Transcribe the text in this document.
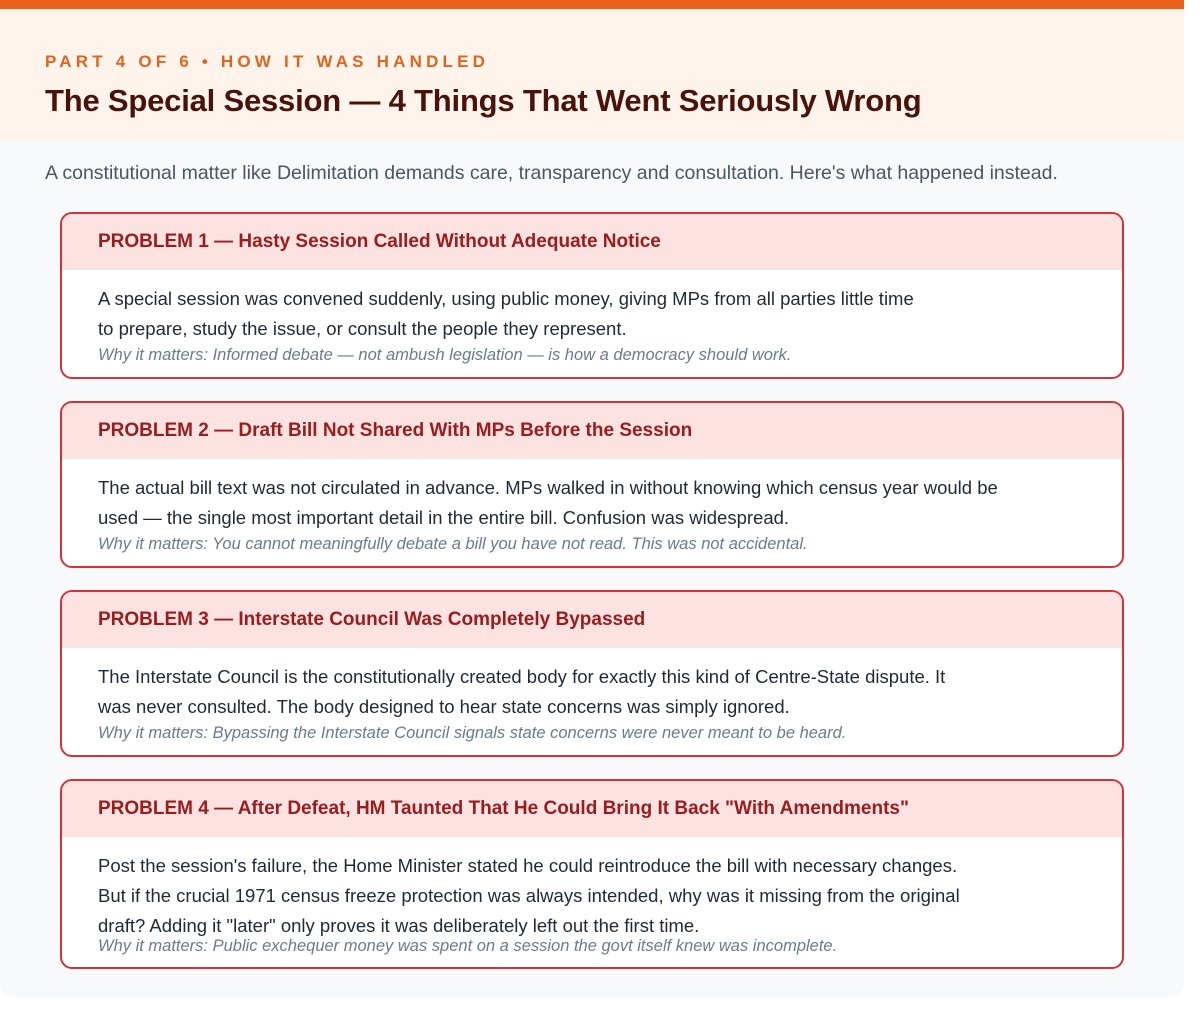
PART 4 OF 6 • HOW IT WAS HANDLED
The Special Session — 4 Things That Went Seriously Wrong
A constitutional matter like Delimitation demands care, transparency and consultation. Here's what happened instead.
PROBLEM 1 — Hasty Session Called Without Adequate Notice
A special session was convened suddenly, using public money, giving MPs from all parties little time to prepare, study the issue, or consult the people they represent.
Why it matters: Informed debate — not ambush legislation — is how a democracy should work.
PROBLEM 2 — Draft Bill Not Shared With MPs Before the Session
The actual bill text was not circulated in advance. MPs walked in without knowing which census year would be used — the single most important detail in the entire bill. Confusion was widespread.
Why it matters: You cannot meaningfully debate a bill you have not read. This was not accidental.
PROBLEM 3 — Interstate Council Was Completely Bypassed
The Interstate Council is the constitutionally created body for exactly this kind of Centre-State dispute. It was never consulted. The body designed to hear state concerns was simply ignored.
Why it matters: Bypassing the Interstate Council signals state concerns were never meant to be heard.
PROBLEM 4 — After Defeat, HM Taunted That He Could Bring It Back "With Amendments"
Post the session's failure, the Home Minister stated he could reintroduce the bill with necessary changes. But if the crucial 1971 census freeze protection was always intended, why was it missing from the original draft? Adding it "later" only proves it was deliberately left out the first time.
Why it matters: Public exchequer money was spent on a session the govt itself knew was incomplete.
